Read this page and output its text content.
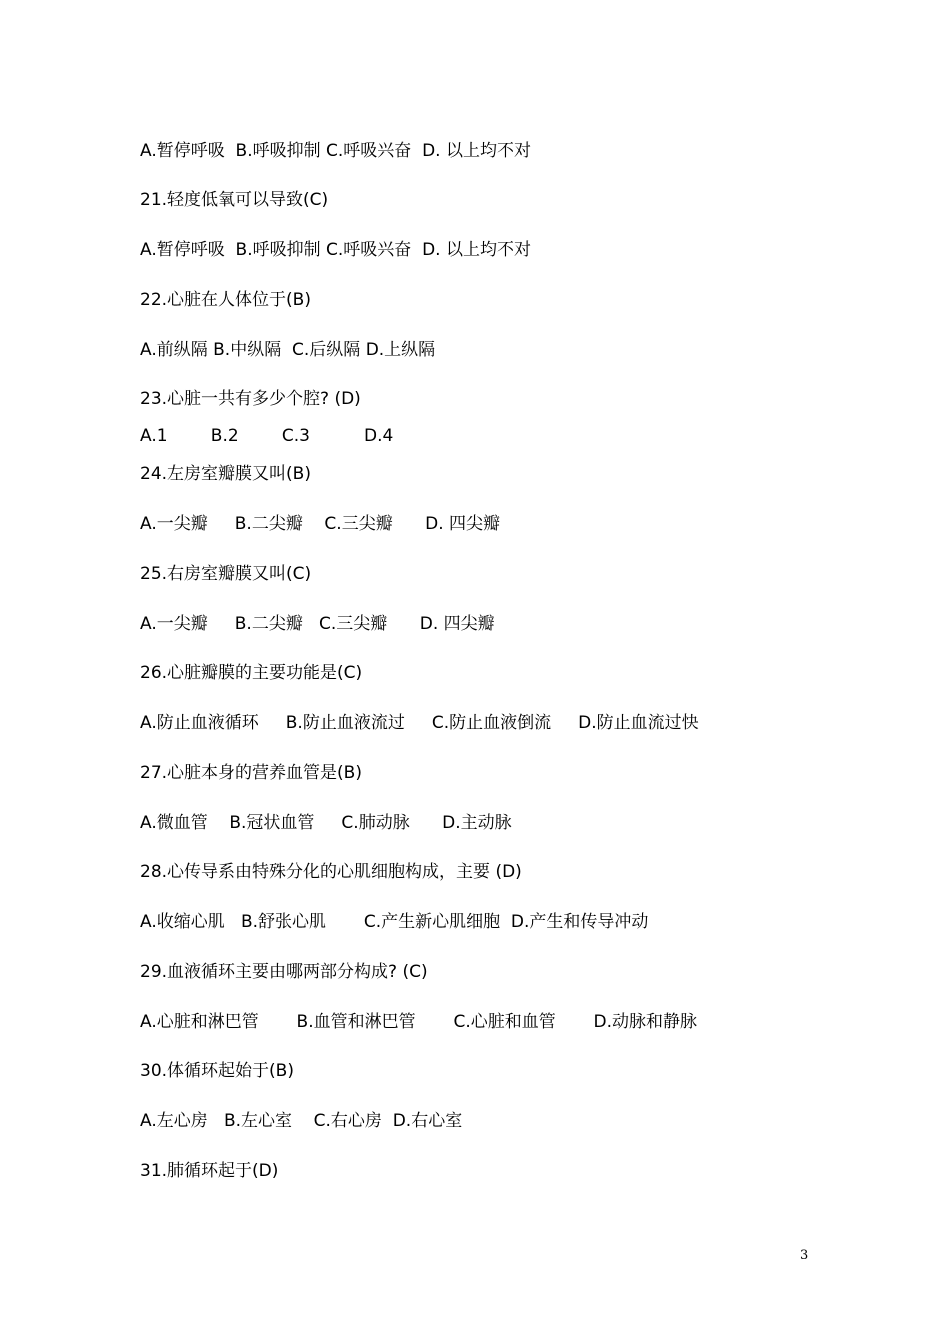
A.暂停呼吸  B.呼吸抑制 C.呼吸兴奋  D. 以上均不对
21.轻度低氧可以导致(C)
A.暂停呼吸  B.呼吸抑制 C.呼吸兴奋  D. 以上均不对
22.心脏在人体位于(B)
A.前纵隔 B.中纵隔  C.后纵隔 D.上纵隔
23.心脏一共有多少个腔? (D)
A.1        B.2        C.3          D.4
24.左房室瓣膜又叫(B)
A.一尖瓣     B.二尖瓣    C.三尖瓣      D. 四尖瓣
25.右房室瓣膜又叫(C)
A.一尖瓣     B.二尖瓣   C.三尖瓣      D. 四尖瓣
26.心脏瓣膜的主要功能是(C)
A.防止血液循环     B.防止血液流过     C.防止血液倒流     D.防止血流过快
27.心脏本身的营养血管是(B)
A.微血管    B.冠状血管     C.肺动脉      D.主动脉
28.心传导系由特殊分化的心肌细胞构成，主要 (D)
A.收缩心肌   B.舒张心肌       C.产生新心肌细胞  D.产生和传导冲动
29.血液循环主要由哪两部分构成? (C)
A.心脏和淋巴管       B.血管和淋巴管       C.心脏和血管       D.动脉和静脉
30.体循环起始于(B)
A.左心房   B.左心室    C.右心房  D.右心室
31.肺循环起于(D)
3
